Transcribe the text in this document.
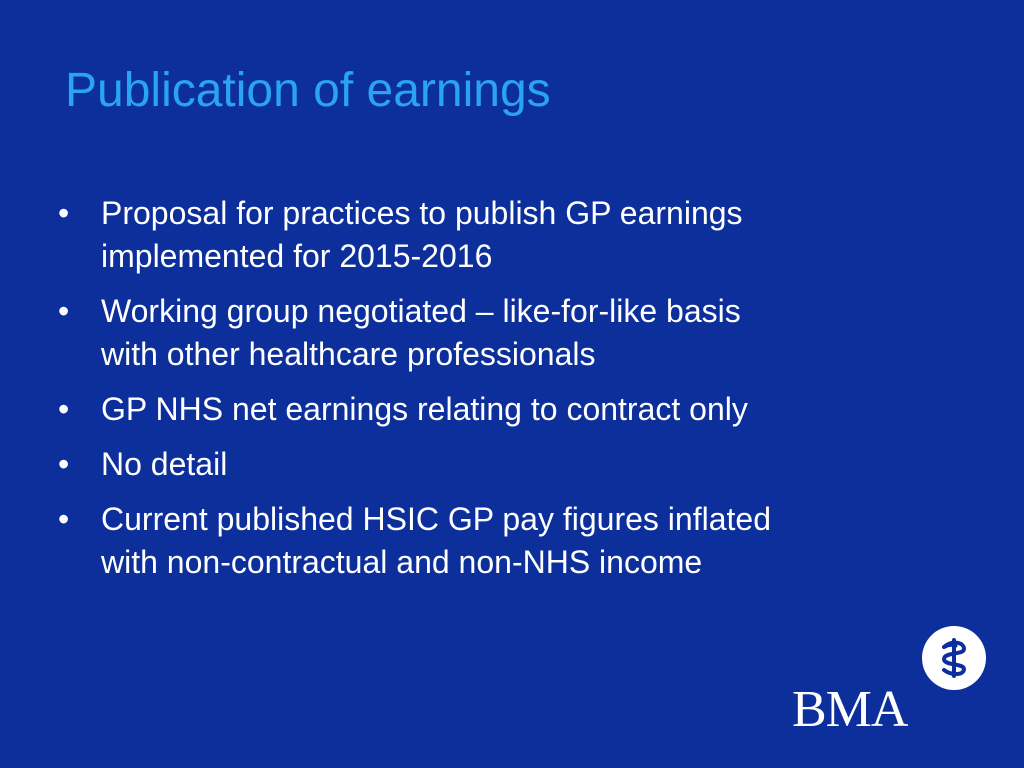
Publication of earnings
• Proposal for practices to publish GP earnings
implemented for 2015-2016
• Working group negotiated – like-for-like basis
with other healthcare professionals
• GP NHS net earnings relating to contract only
• No detail
• Current published HSIC GP pay figures inflated
with non-contractual and non-NHS income
BMA
